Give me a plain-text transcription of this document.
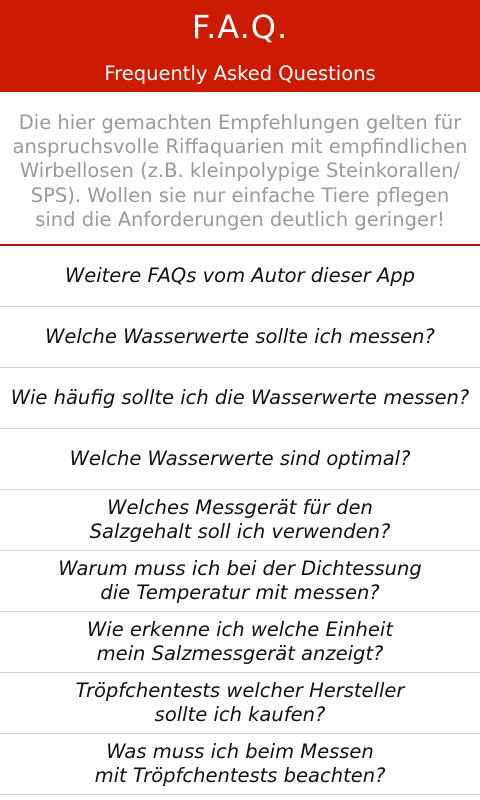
F.A.Q.
Frequently Asked Questions
Die hier gemachten Empfehlungen gelten für anspruchsvolle Riffaquarien mit empfindlichen Wirbellosen (z.B. kleinpolypige Steinkorallen/ SPS). Wollen sie nur einfache Tiere pflegen sind die Anforderungen deutlich geringer!
Weitere FAQs vom Autor dieser App
Welche Wasserwerte sollte ich messen?
Wie häufig sollte ich die Wasserwerte messen?
Welche Wasserwerte sind optimal?
Welches Messgerät für den
Salzgehalt soll ich verwenden?
Warum muss ich bei der Dichtessung
die Temperatur mit messen?
Wie erkenne ich welche Einheit
mein Salzmessgerät anzeigt?
Tröpfchentests welcher Hersteller
sollte ich kaufen?
Was muss ich beim Messen
mit Tröpfchentests beachten?
